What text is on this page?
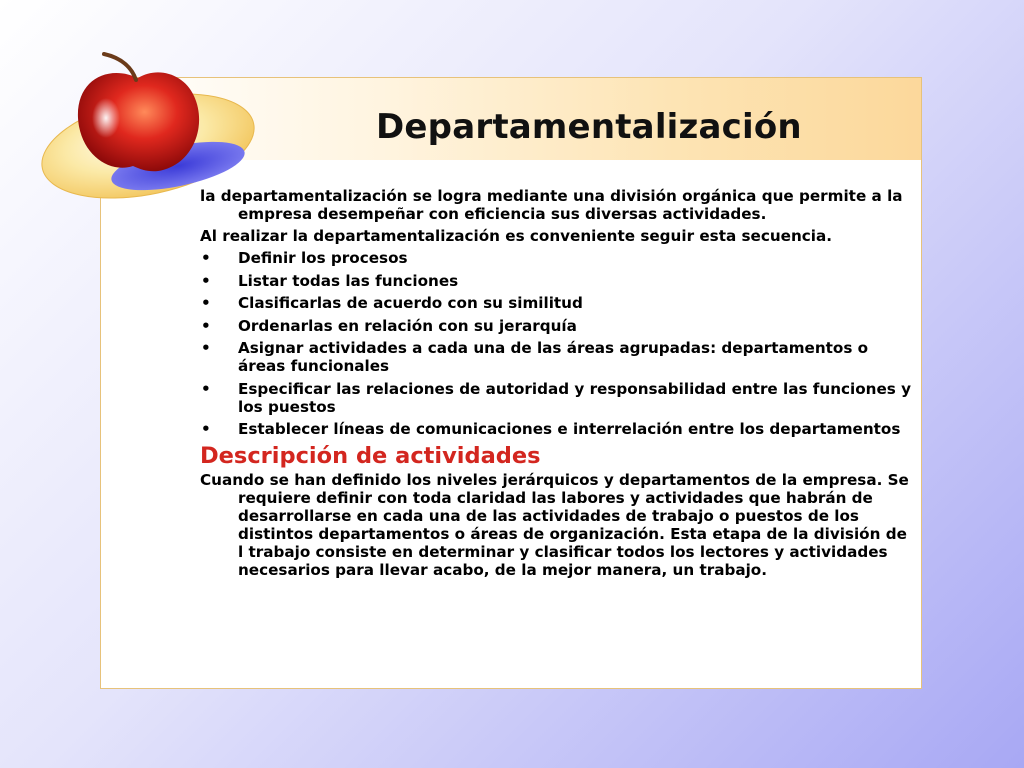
Departamentalización

la departamentalización se logra mediante una división orgánica que permite a la empresa desempeñar con eficiencia sus diversas actividades.

Al realizar la departamentalización es conveniente seguir esta secuencia.

• Definir los procesos
• Listar todas las funciones
• Clasificarlas de acuerdo con su similitud
• Ordenarlas en relación con su jerarquía
• Asignar actividades a cada una de las áreas agrupadas: departamentos o áreas funcionales
• Especificar las relaciones de autoridad y responsabilidad entre las funciones y los puestos
• Establecer líneas de comunicaciones e interrelación entre los departamentos
Descripción de actividades

Cuando se han definido los niveles jerárquicos y departamentos de la empresa. Se requiere definir con toda claridad las labores y actividades que habrán de desarrollarse en cada una de las actividades de trabajo o puestos de los distintos departamentos o áreas de organización. Esta etapa de la división de l trabajo consiste en determinar y clasificar todos los lectores y actividades necesarios para llevar acabo, de la mejor manera, un trabajo.
